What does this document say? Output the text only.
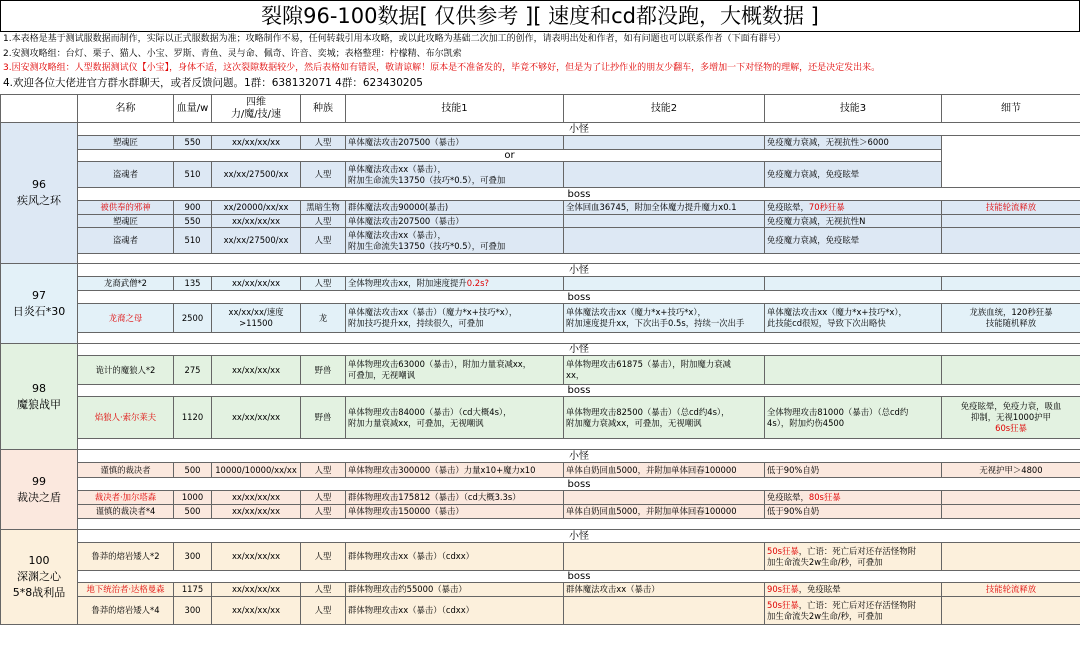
裂隙96-100数据[ 仅供参考 ][ 速度和cd都没跑，大概数据 ]
1.本表格是基于测试服数据而制作，实际以正式服数据为准；攻略制作不易，任何转载引用本攻略，或以此攻略为基础二次加工的创作，请表明出处和作者，如有问题也可以联系作者（下面有群号）
2.安测攻略组：台灯、栗子、猫人、小宝、罗斯、青鱼、灵与命、佩奇、许音、奕城；表格整理：柠檬精、布尔凯索
3.因安测攻略组：人型数据测试仪【小宝】，身体不适，这次裂隙数据较少，然后表格如有错误，敬请谅解！原本是不准备发的，毕竟不够好，但是为了让抄作业的朋友少翻车，多增加一下对怪物的理解，还是决定发出来。
4.欢迎各位大佬进官方群水群聊天，或者反馈问题。1群：638132071 4群：623430205
	名称	血量/w	四维
力/魔/技/速	种族	技能1	技能2	技能3	细节
96
疾风之环	小怪							
	塑魂匠	550	xx/xx/xx/xx	人型	单体魔法攻击207500（暴击）		免疫魔力衰减，无视抗性＞6000	
	or							
	盗魂者	510	xx/xx/27500/xx	人型	单体魔法攻击xx（暴击），
附加生命流失13750（技巧*0.5），可叠加		免疫魔力衰减，免疫眩晕	
	boss							
	被供奉的邪神	900	xx/20000/xx/xx	黑暗生物	群体魔法攻击90000(暴击)	全体回血36745，附加全体魔力提升魔力x0.1	免疫眩晕，70秒狂暴	技能轮流释放
	塑魂匠	550	xx/xx/xx/xx	人型	单体魔法攻击207500（暴击）		免疫魔力衰减，无视抗性N	
	盗魂者	510	xx/xx/27500/xx	人型	单体魔法攻击xx（暴击），
附加生命流失13750（技巧*0.5），可叠加		免疫魔力衰减，免疫眩晕	

97
日炎石*30	小怪							
	龙裔武僧*2	135	xx/xx/xx/xx	人型	全体物理攻击xx，附加速度提升0.2s?			
	boss							
	龙裔之母	2500	xx/xx/xx/速度>11500	龙	单体魔法攻击xx（暴击）（魔力*x+技巧*x），
附加技巧提升xx，持续很久，可叠加	单体魔法攻击xx（魔力*x+技巧*x），
附加速度提升xx，下次出手0.5s，持续一次出手	单体魔法攻击xx（魔力*x+技巧*x），
此技能cd很短，导致下次出略快	龙族血统，120秒狂暴
技能随机释放

98
魔狼战甲	小怪							
	诡计的魔狼人*2	275	xx/xx/xx/xx	野兽	单体物理攻击63000（暴击），附加力量衰减xx，
可叠加，无视嘲讽	单体物理攻击61875（暴击），附加魔力衰减
xx，		
	boss							
	焰狼人·索尔莱夫	1120	xx/xx/xx/xx	野兽	单体物理攻击84000（暴击）（cd大概4s），
附加力量衰减xx，可叠加，无视嘲讽	单体物理攻击82500（暴击）（总cd约4s），
附加魔力衰减xx，可叠加，无视嘲讽	全体物理攻击81000（暴击）（总cd约
4s），附加灼伤4500	免疫眩晕，免疫力衰，吸血
抑制，无视1000护甲
60s狂暴

99
裁决之盾	小怪							
	谨慎的裁决者	500	10000/10000/xx/xx	人型	单体物理攻击300000（暴击）力量x10+魔力x10	单体自奶回血5000，并附加单体回春100000	低于90%自奶	无视护甲＞4800
	boss							
	裁决者·加尔塔森	1000	xx/xx/xx/xx	人型	群体物理攻击175812（暴击）（cd大概3.3s）		免疫眩晕，80s狂暴	
	谨慎的裁决者*4	500	xx/xx/xx/xx	人型	单体物理攻击150000（暴击）	单体自奶回血5000，并附加单体回春100000	低于90%自奶	

100
深渊之心
5*8战利品	小怪							
	鲁莽的熔岩矮人*2	300	xx/xx/xx/xx	人型	群体物理攻击xx（暴击）（cdxx）		50s狂暴，亡语：死亡后对还存活怪物附
加生命流失2w生命/秒，可叠加	
	boss							
	地下统治者·达格曼森	1175	xx/xx/xx/xx	人型	群体物理攻击约55000（暴击）	群体魔法攻击xx（暴击）	90s狂暴，免疫眩晕	技能轮流释放
	鲁莽的熔岩矮人*4	300	xx/xx/xx/xx	人型	群体物理攻击xx（暴击）（cdxx）		50s狂暴，亡语：死亡后对还存活怪物附
加生命流失2w生命/秒，可叠加	
